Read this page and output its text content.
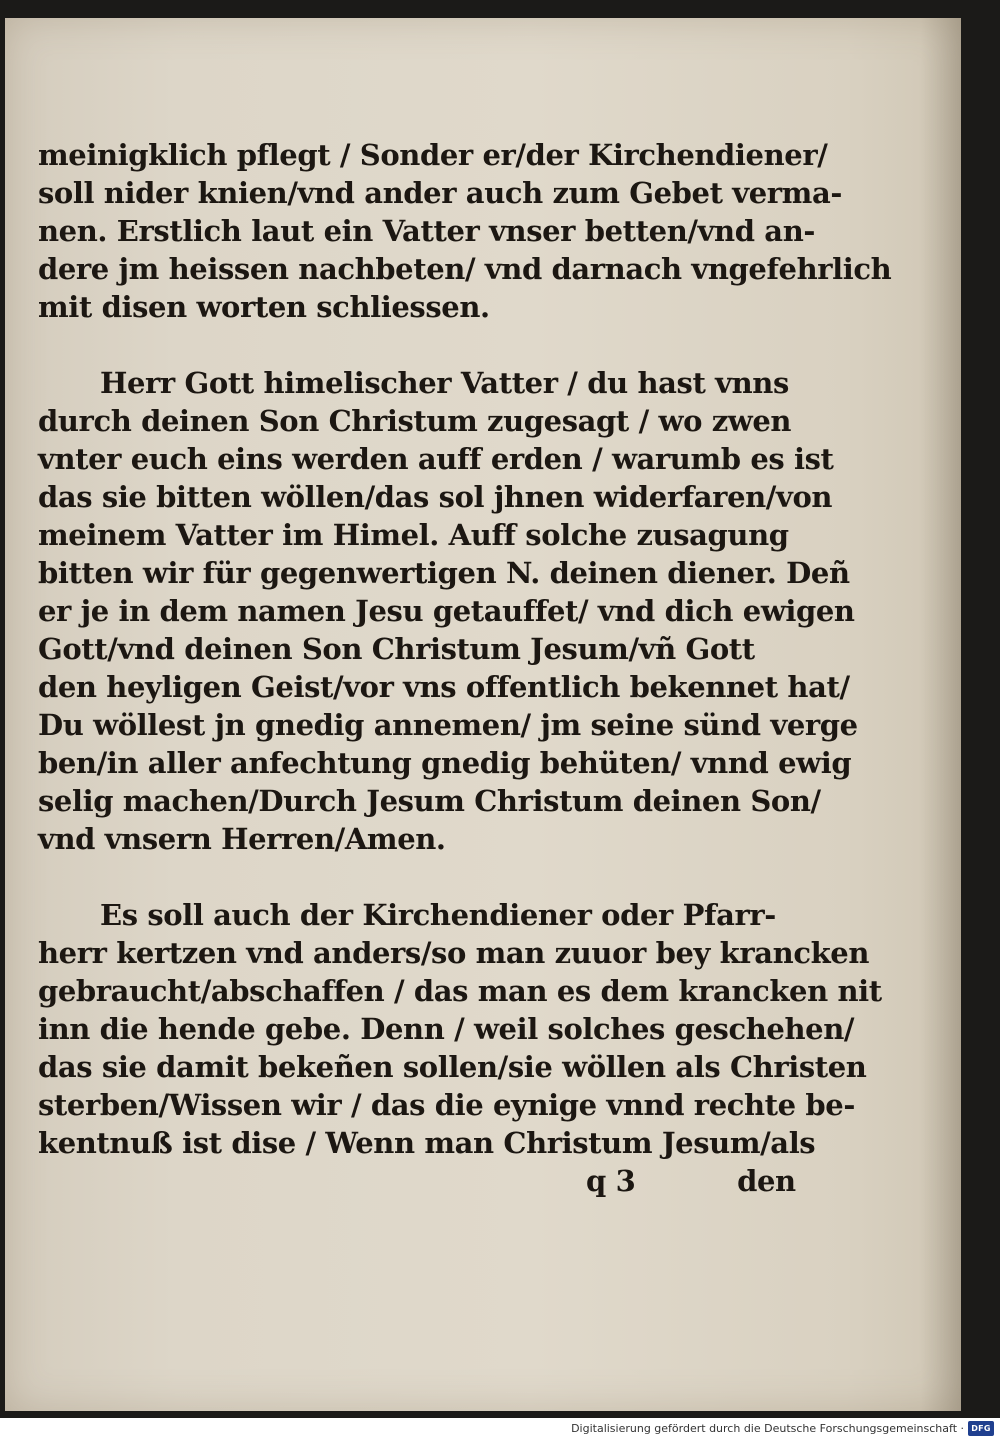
meinigklich pflegt / Sonder er/der Kirchendiener/
soll nider knien/vnd ander auch zum Gebet verma-
nen. Erstlich laut ein Vatter vnser betten/vnd an-
dere jm heissen nachbeten/ vnd darnach vngefehrlich
mit disen worten schliessen.
Herr Gott himelischer Vatter / du hast vnns
durch deinen Son Christum zugesagt / wo zwen
vnter euch eins werden auff erden / warumb es ist
das sie bitten wöllen/das sol jhnen widerfaren/von
meinem Vatter im Himel. Auff solche zusagung
bitten wir für gegenwertigen N. deinen diener. Deñ
er je in dem namen Jesu getauffet/ vnd dich ewigen
Gott/vnd deinen Son Christum Jesum/vñ Gott
den heyligen Geist/vor vns offentlich bekennet hat/
Du wöllest jn gnedig annemen/ jm seine sünd verge
ben/in aller anfechtung gnedig behüten/ vnnd ewig
selig machen/Durch Jesum Christum deinen Son/
vnd vnsern Herren/Amen.
Es soll auch der Kirchendiener oder Pfarr-
herr kertzen vnd anders/so man zuuor bey krancken
gebraucht/abschaffen / das man es dem krancken nit
inn die hende gebe. Denn / weil solches geschehen/
das sie damit bekeñen sollen/sie wöllen als Christen
sterben/Wissen wir / das die eynige vnnd rechte be-
kentnuß ist dise / Wenn man Christum Jesum/als
q 3	den
Digitalisierung gefördert durch die Deutsche Forschungsgemeinschaft · DFG
